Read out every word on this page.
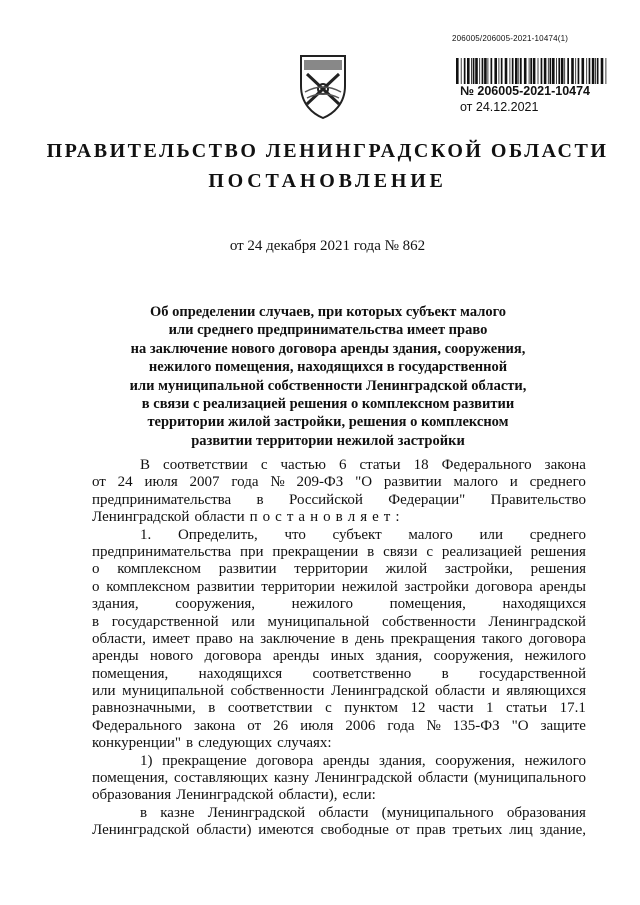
206005/206005-2021-10474(1)
№ 206005-2021-10474
от 24.12.2021
ПРАВИТЕЛЬСТВО ЛЕНИНГРАДСКОЙ ОБЛАСТИ
ПОСТАНОВЛЕНИЕ
от 24 декабря 2021 года № 862
Об определении случаев, при которых субъект малого
или среднего предпринимательства имеет право
на заключение нового договора аренды здания, сооружения,
нежилого помещения, находящихся в государственной
или муниципальной собственности Ленинградской области,
в связи с реализацией решения о комплексном развитии
территории жилой застройки, решения о комплексном
развитии территории нежилой застройки
В соответствии с частью 6 статьи 18 Федерального закона
от 24 июля 2007 года № 209-ФЗ "О развитии малого и среднего
предпринимательства в Российской Федерации" Правительство
Ленинградской области п о с т а н о в л я е т :
1. Определить, что субъект малого или среднего
предпринимательства при прекращении в связи с реализацией решения
о комплексном развитии территории жилой застройки, решения
о комплексном развитии территории нежилой застройки договора аренды
здания, сооружения, нежилого помещения, находящихся
в государственной или муниципальной собственности Ленинградской
области, имеет право на заключение в день прекращения такого договора
аренды нового договора аренды иных здания, сооружения, нежилого
помещения, находящихся соответственно в государственной
или муниципальной собственности Ленинградской области и являющихся
равнозначными, в соответствии с пунктом 12 части 1 статьи 17.1
Федерального закона от 26 июля 2006 года № 135-ФЗ "О защите
конкуренции" в следующих случаях:
1) прекращение договора аренды здания, сооружения, нежилого
помещения, составляющих казну Ленинградской области (муниципального
образования Ленинградской области), если:
в казне Ленинградской области (муниципального образования
Ленинградской области) имеются свободные от прав третьих лиц здание,
